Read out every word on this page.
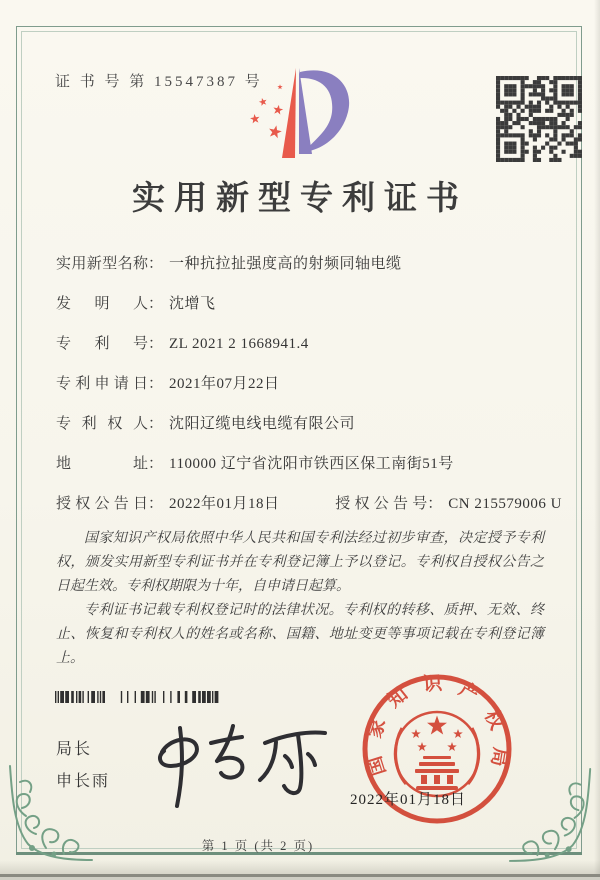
证 书 号 第 15547387 号
实用新型专利证书
实用新型名称： 一种抗拉扯强度高的射频同轴电缆
发明人： 沈增飞
专利号： ZL 2021 2 1668941.4
专利申请日： 2021年07月22日
专利权人： 沈阳辽缆电线电缆有限公司
地址： 110000 辽宁省沈阳市铁西区保工南街51号
授权公告日： 2022年01月18日	授权公告号： CN 215579006 U

国家知识产权局依照中华人民共和国专利法经过初步审查，决定授予专利权，颁发实用新型专利证书并在专利登记簿上予以登记。专利权自授权公告之日起生效。专利权期限为十年，自申请日起算。

专利证书记载专利权登记时的法律状况。专利权的转移、质押、无效、终止、恢复和专利权人的姓名或名称、国籍、地址变更等事项记载在专利登记簿上。

局长
申长雨
国家知识产权局
2022年01月18日
第 1 页 (共 2 页)
